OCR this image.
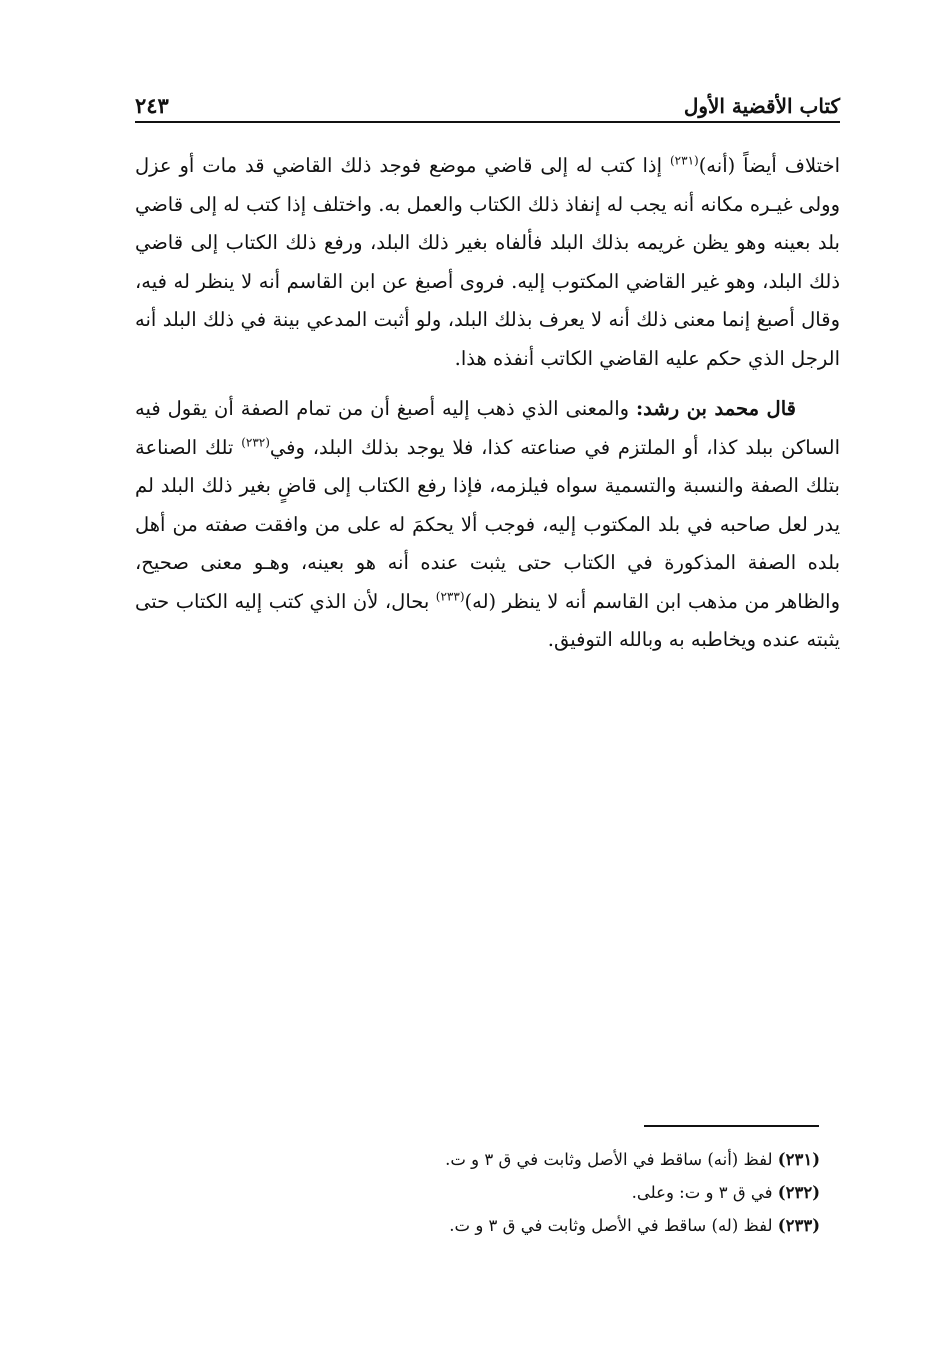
٢٤٣	كتاب الأقضية الأول

اختلاف أيضاً (أنه)$^{(٢٣١)}$ إذا كتب له إلى قاضي موضع فوجد ذلك القاضي قد مات أو عزل وولى غيـره مكانه أنه يجب له إنفاذ ذلك الكتاب والعمل به. واختلف إذا كتب له إلى قاضي بلد بعينه وهو يظن غريمه بذلك البلد فألفاه بغير ذلك البلد، ورفع ذلك الكتاب إلى قاضي ذلك البلد، وهو غير القاضي المكتوب إليه. فروى أصبغ عن ابن القاسم أنه لا ينظر له فيه، وقال أصبغ إنما معنى ذلك أنه لا يعرف بذلك البلد، ولو أثبت المدعي بينة في ذلك البلد أنه الرجل الذي حكم عليه القاضي الكاتب أنفذه هذا.

قال محمد بن رشد: والمعنى الذي ذهب إليه أصبغ أن من تمام الصفة أن يقول فيه الساكن ببلد كذا، أو الملتزم في صناعته كذا، فلا يوجد بذلك البلد، وفي$^{(٢٣٢)}$ تلك الصناعة بتلك الصفة والنسبة والتسمية سواه فيلزمه، فإذا رفع الكتاب إلى قاضٍ بغير ذلك البلد لم يدر لعل صاحبه في بلد المكتوب إليه، فوجب ألا يحكمَ له على من وافقت صفته من أهل بلده الصفة المذكورة في الكتاب حتى يثبت عنده أنه هو بعينه، وهـو معنى صحيح، والظاهر من مذهب ابن القاسم أنه لا ينظر (له)$^{(٢٣٣)}$ بحال، لأن الذي كتب إليه الكتاب حتى يثبته عنده ويخاطبه به وبالله التوفيق.

(٢٣١) لفظ (أنه) ساقط في الأصل وثابت في ق ٣ و ت.

(٢٣٢) في ق ٣ و ت: وعلى.

(٢٣٣) لفظ (له) ساقط في الأصل وثابت في ق ٣ و ت.
